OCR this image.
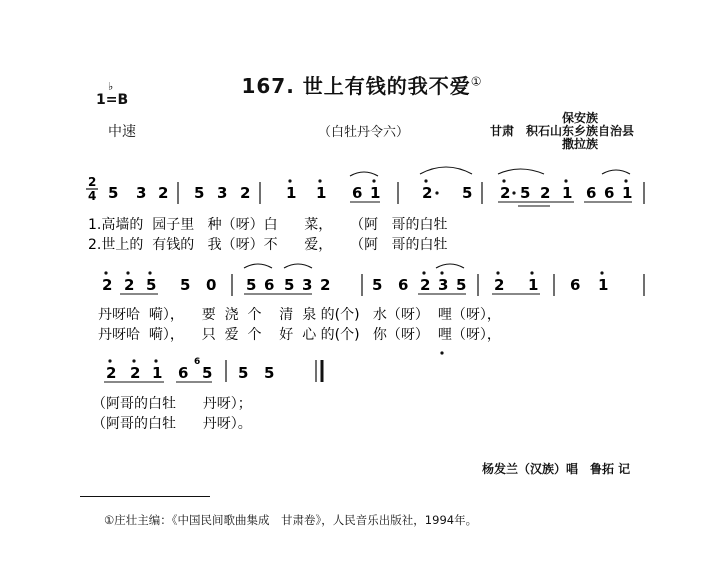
167. 世上有钱的我不爱①
♭
1=B
中速	（白牡丹令六）
保安族
甘肃　积石山东乡族自治县
撒拉族
2
4 5 3 2 5 3 2 1 1 6 1	2 5 2 5 2 1 6 6 1
2 2 5 5 0 5 6 5 3 2	5 6 2 3 5 2 1 6 1
2 2 1 6
6
5 5 5
1.高墙的  园子里   种（呀）白      菜，    （阿   哥的白牡
2.世上的  有钱的   我（呀）不      爱，    （阿   哥的白牡
丹呀哈  嗬），    要  浇  个    清  泉 的(个)   水（呀）  哩（呀），
丹呀哈  嗬），    只  爱  个    好  心 的(个)   你（呀）  哩（呀），
（阿哥的白牡      丹呀）；
（阿哥的白牡      丹呀）。
杨发兰（汉族）唱　鲁拓 记
①庄壮主编：《中国民间歌曲集成　甘肃卷》，人民音乐出版社，1994年。
